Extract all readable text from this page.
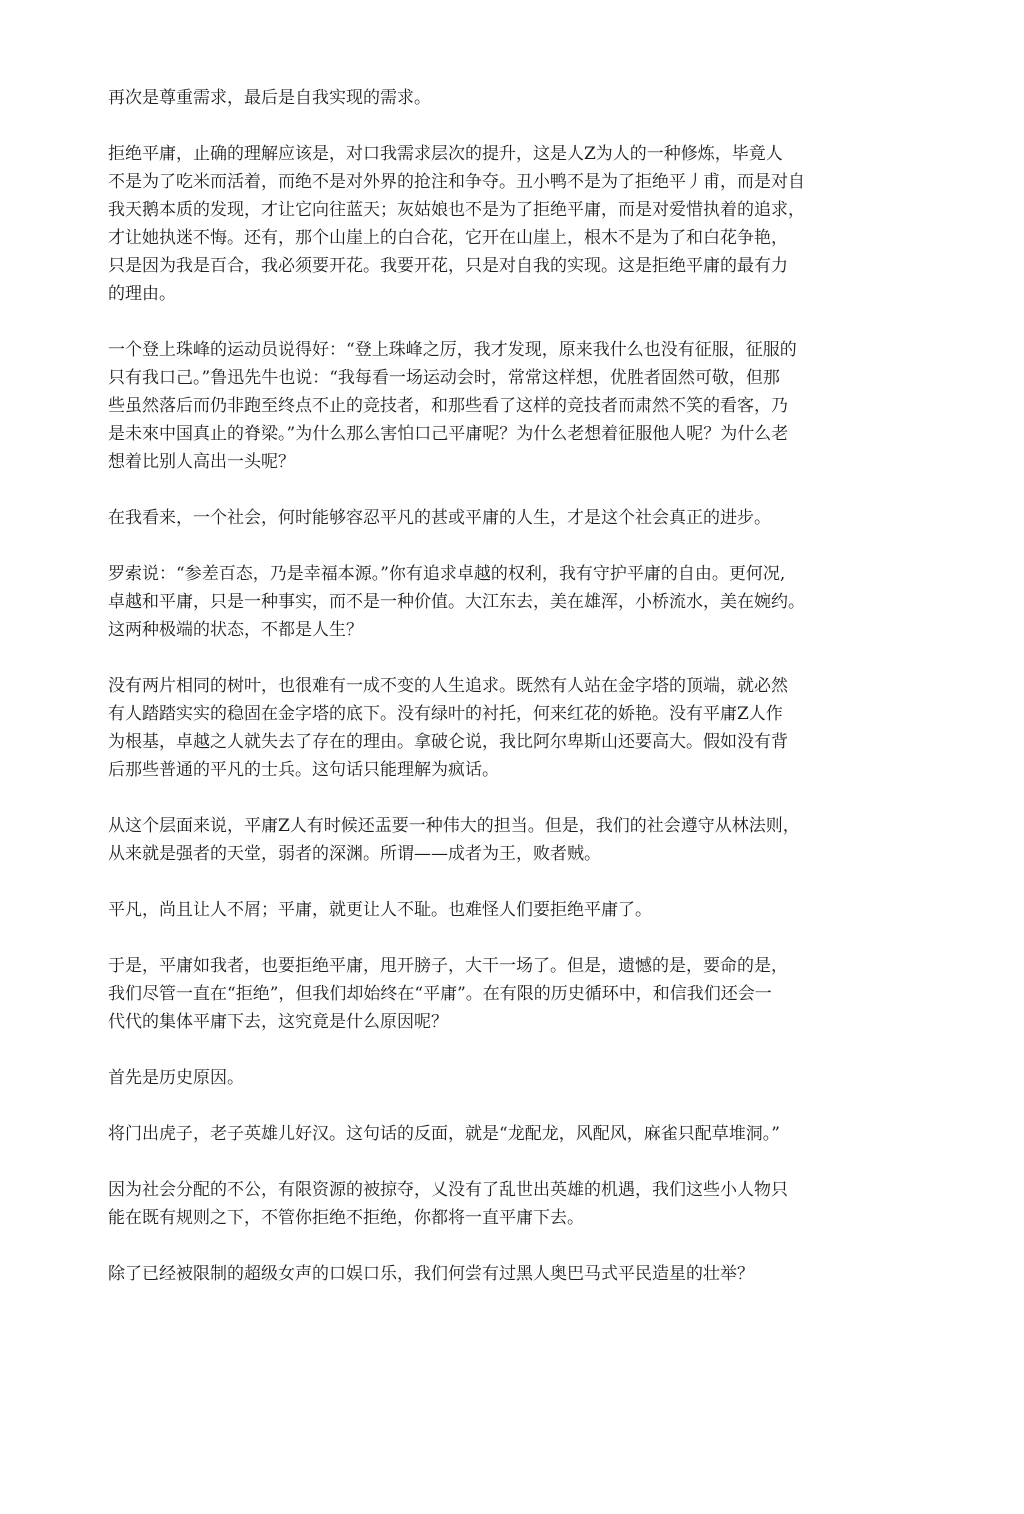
再次是尊重需求，最后是自我实现的需求。
拒绝平庸，止确的理解应该是，对口我需求层次的提升，这是人Z为人的一种修炼，毕竟人
不是为了吃米而活着，而绝不是对外界的抢注和争夺。丑小鸭不是为了拒绝平丿甫，而是对自
我天鹅本质的发现，才让它向往蓝天；灰姑娘也不是为了拒绝平庸，而是对爱惜执着的追求，
才让她执迷不悔。还有，那个山崖上的白合花，它开在山崖上，根木不是为了和白花争艳，
只是因为我是百合，我必须要开花。我要开花，只是对自我的实现。这是拒绝平庸的最有力
的理由。
一个登上珠峰的运动员说得好：“登上珠峰之厉，我才发现，原来我什么也没有征服，征服的
只有我口己。”鲁迅先牛也说：“我每看一场运动会时，常常这样想，优胜者固然可敬，但那
些虽然落后而仍非跑至终点不止的竞技者，和那些看了这样的竞技者而肃然不笑的看客，乃
是未來中国真止的脊梁。”为什么那么害怕口己平庸呢？为什么老想着征服他人呢？为什么老
想着比别人高出一头呢？
在我看来，一个社会，何时能够容忍平凡的甚或平庸的人生，才是这个社会真正的进步。
罗索说：“参差百态，乃是幸福本源。”你有追求卓越的权利，我有守护平庸的自由。更何况,
卓越和平庸，只是一种事实，而不是一种价值。大江东去，美在雄浑，小桥流水，美在婉约。
这两种极端的状态，不都是人生？
没有两片相同的树叶，也很难有一成不变的人生追求。既然有人站在金字塔的顶端，就必然
有人踏踏实实的稳固在金字塔的底下。没有绿叶的衬托，何来红花的娇艳。没有平庸Z人作
为根基，卓越之人就失去了存在的理由。拿破仑说，我比阿尔卑斯山还要高大。假如没有背
后那些普通的平凡的士兵。这句话只能理解为疯话。
从这个层面来说，平庸Z人有时候还盂要一种伟大的担当。但是，我们的社会遵守从林法则，
从来就是强者的天堂，弱者的深渊。所谓——成者为王，败者贼。
平凡，尚且让人不屑；平庸，就更让人不耻。也难怪人们要拒绝平庸了。
于是，平庸如我者，也要拒绝平庸，甩开膀子，大干一场了。但是，遗憾的是，要命的是，
我们尽管一直在“拒绝”，但我们却始终在“平庸”。在有限的历史循环中，和信我们还会一
代代的集体平庸下去，这究竟是什么原因呢？
首先是历史原因。
将门出虎子，老子英雄儿好汉。这句话的反面，就是“龙配龙，风配风，麻雀只配草堆洞。”
因为社会分配的不公，有限资源的被掠夺，乂没有了乱世出英雄的机遇，我们这些小人物只
能在既有规则之下，不管你拒绝不拒绝，你都将一直平庸下去。
除了已经被限制的超级女声的口娱口乐，我们何尝有过黑人奥巴马式平民造星的壮举？
